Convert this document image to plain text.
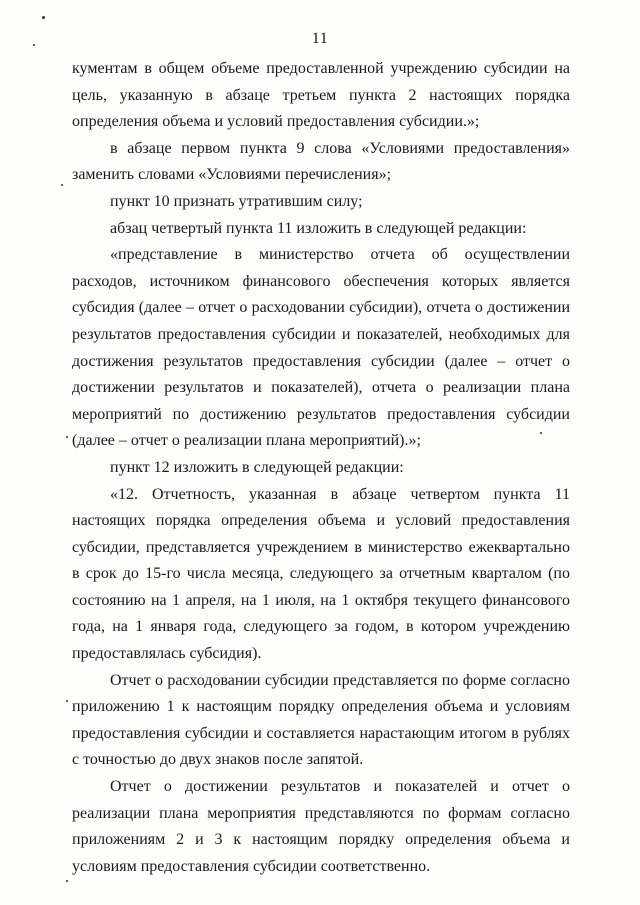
11

кументам в общем объеме предоставленной учреждению субсидии на цель, указанную в абзаце третьем пункта 2 настоящих порядка определения объема и условий предоставления субсидии.»;

в абзаце первом пункта 9 слова «Условиями предоставления» заменить словами «Условиями перечисления»;

пункт 10 признать утратившим силу;

абзац четвертый пункта 11 изложить в следующей редакции:

«представление в министерство отчета об осуществлении расходов, источником финансового обеспечения которых является субсидия (далее – отчет о расходовании субсидии), отчета о достижении результатов предоставления субсидии и показателей, необходимых для достижения результатов предоставления субсидии (далее – отчет о достижении результатов и показателей), отчета о реализации плана мероприятий по достижению результатов предоставления субсидии (далее – отчет о реализации плана мероприятий).»;

пункт 12 изложить в следующей редакции:

«12. Отчетность, указанная в абзаце четвертом пункта 11 настоящих порядка определения объема и условий предоставления субсидии, представляется учреждением в министерство ежеквартально в срок до 15-го числа месяца, следующего за отчетным кварталом (по состоянию на 1 апреля, на 1 июля, на 1 октября текущего финансового года, на 1 января года, следующего за годом, в котором учреждению предоставлялась субсидия).

Отчет о расходовании субсидии представляется по форме согласно приложению 1 к настоящим порядку определения объема и условиям предоставления субсидии и составляется нарастающим итогом в рублях с точностью до двух знаков после запятой.

Отчет о достижении результатов и показателей и отчет о реализации плана мероприятия представляются по формам согласно приложениям 2 и 3 к настоящим порядку определения объема и условиям предоставления субсидии соответственно.
